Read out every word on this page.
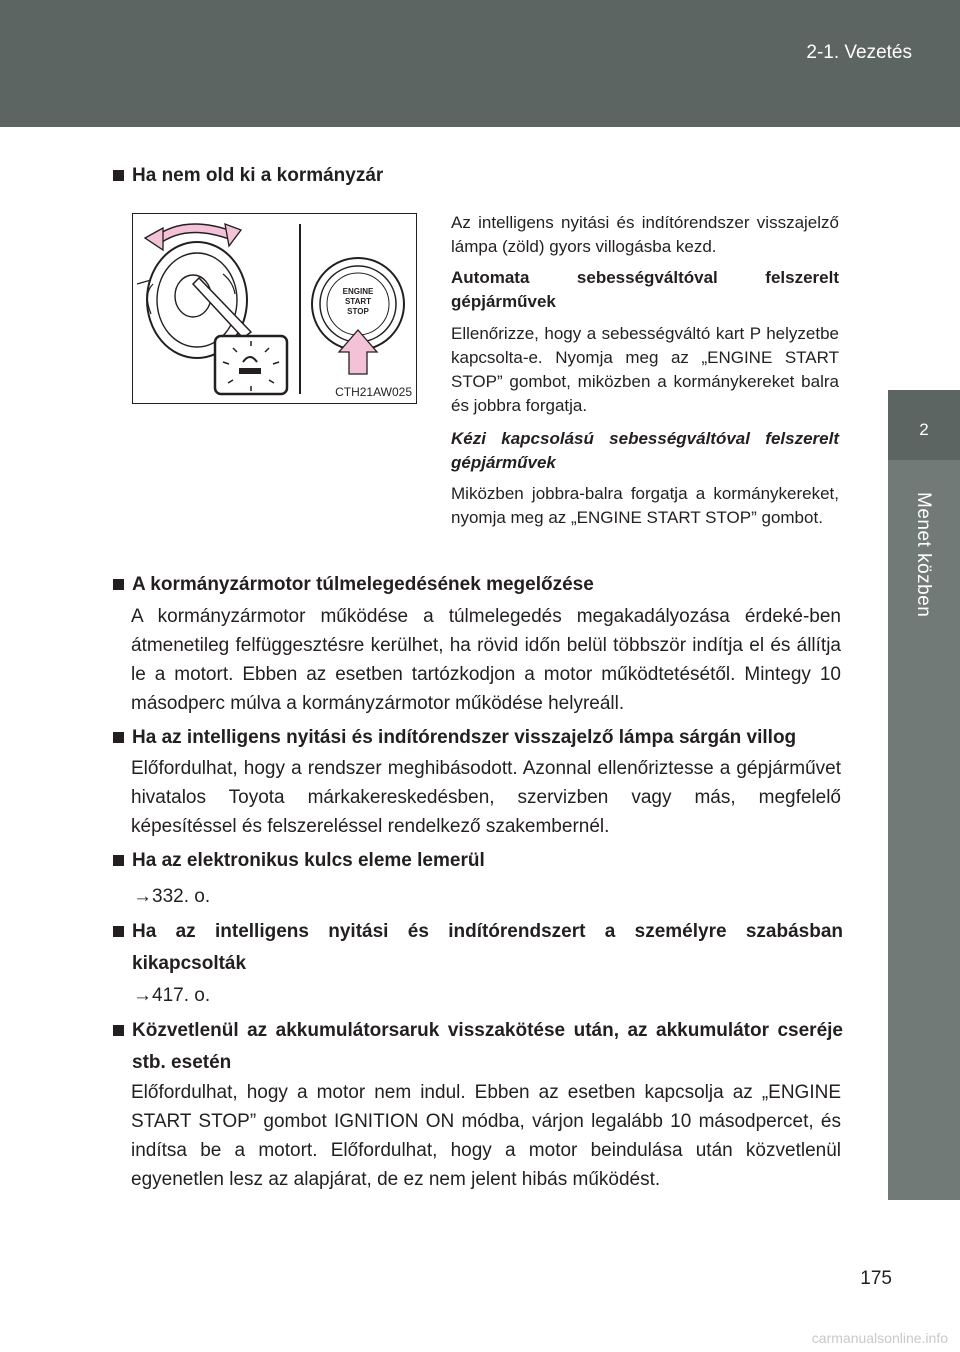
2-1. Vezetés
2
Menet közben
Ha nem old ki a kormányzár
ENGINE
START
STOP
CTH21AW025
Az intelligens nyitási és indítórendszer visszajelző lámpa (zöld) gyors villogásba kezd.
Automata sebességváltóval felszerelt gépjárművek
Ellenőrizze, hogy a sebességváltó kart P helyzetbe kapcsolta-e. Nyomja meg az „ENGINE START STOP” gombot, miközben a kormánykereket balra és jobbra forgatja.
Kézi kapcsolású sebességváltóval felszerelt gépjárművek
Miközben jobbra-balra forgatja a kormánykereket, nyomja meg az „ENGINE START STOP” gombot.
A kormányzármotor túlmelegedésének megelőzése
A kormányzármotor működése a túlmelegedés megakadályozása érdeké-ben átmenetileg felfüggesztésre kerülhet, ha rövid időn belül többször indítja el és állítja le a motort. Ebben az esetben tartózkodjon a motor működtetésétől. Mintegy 10 másodperc múlva a kormányzármotor működése helyreáll.
Ha az intelligens nyitási és indítórendszer visszajelző lámpa sárgán villog
Előfordulhat, hogy a rendszer meghibásodott. Azonnal ellenőriztesse a gépjárművet hivatalos Toyota márkakereskedésben, szervizben vagy más, megfelelő képesítéssel és felszereléssel rendelkező szakembernél.
Ha az elektronikus kulcs eleme lemerül
→332. o.
Ha az intelligens nyitási és indítórendszert a személyre szabásban kikapcsolták
→417. o.
Közvetlenül az akkumulátorsaruk visszakötése után, az akkumulátor cseréje stb. esetén
Előfordulhat, hogy a motor nem indul. Ebben az esetben kapcsolja az „ENGINE START STOP” gombot IGNITION ON módba, várjon legalább 10 másodpercet, és indítsa be a motort. Előfordulhat, hogy a motor beindulása után közvetlenül egyenetlen lesz az alapjárat, de ez nem jelent hibás működést.
175
carmanualsonline.info
